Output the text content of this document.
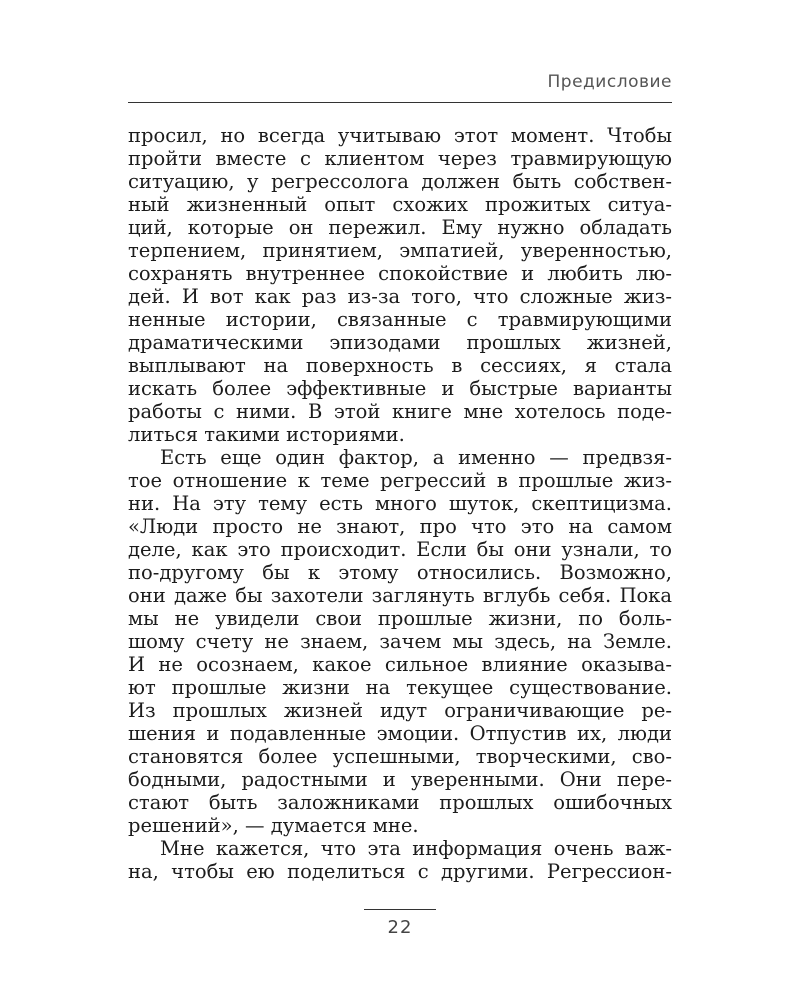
Предисловие
просил, но всегда учитываю этот момент. Чтобы
пройти вместе с клиентом через травмирующую
ситуацию, у регрессолога должен быть собствен-
ный жизненный опыт схожих прожитых ситуа-
ций, которые он пережил. Ему нужно обладать
терпением, принятием, эмпатией, уверенностью,
сохранять внутреннее спокойствие и любить лю-
дей. И вот как раз из-за того, что сложные жиз-
ненные истории, связанные с травмирующими
драматическими эпизодами прошлых жизней,
выплывают на поверхность в сессиях, я стала
искать более эффективные и быстрые варианты
работы с ними. В этой книге мне хотелось поде-
литься такими историями.
Есть еще один фактор, а именно — предвзя-
тое отношение к теме регрессий в прошлые жиз-
ни. На эту тему есть много шуток, скептицизма.
«Люди просто не знают, про что это на самом
деле, как это происходит. Если бы они узнали, то
по-другому бы к этому относились. Возможно,
они даже бы захотели заглянуть вглубь себя. Пока
мы не увидели свои прошлые жизни, по боль-
шому счету не знаем, зачем мы здесь, на Земле.
И не осознаем, какое сильное влияние оказыва-
ют прошлые жизни на текущее существование.
Из прошлых жизней идут ограничивающие ре-
шения и подавленные эмоции. Отпустив их, люди
становятся более успешными, творческими, сво-
бодными, радостными и уверенными. Они пере-
стают быть заложниками прошлых ошибочных
решений», — думается мне.
Мне кажется, что эта информация очень важ-
на, чтобы ею поделиться с другими. Регрессион-
22
